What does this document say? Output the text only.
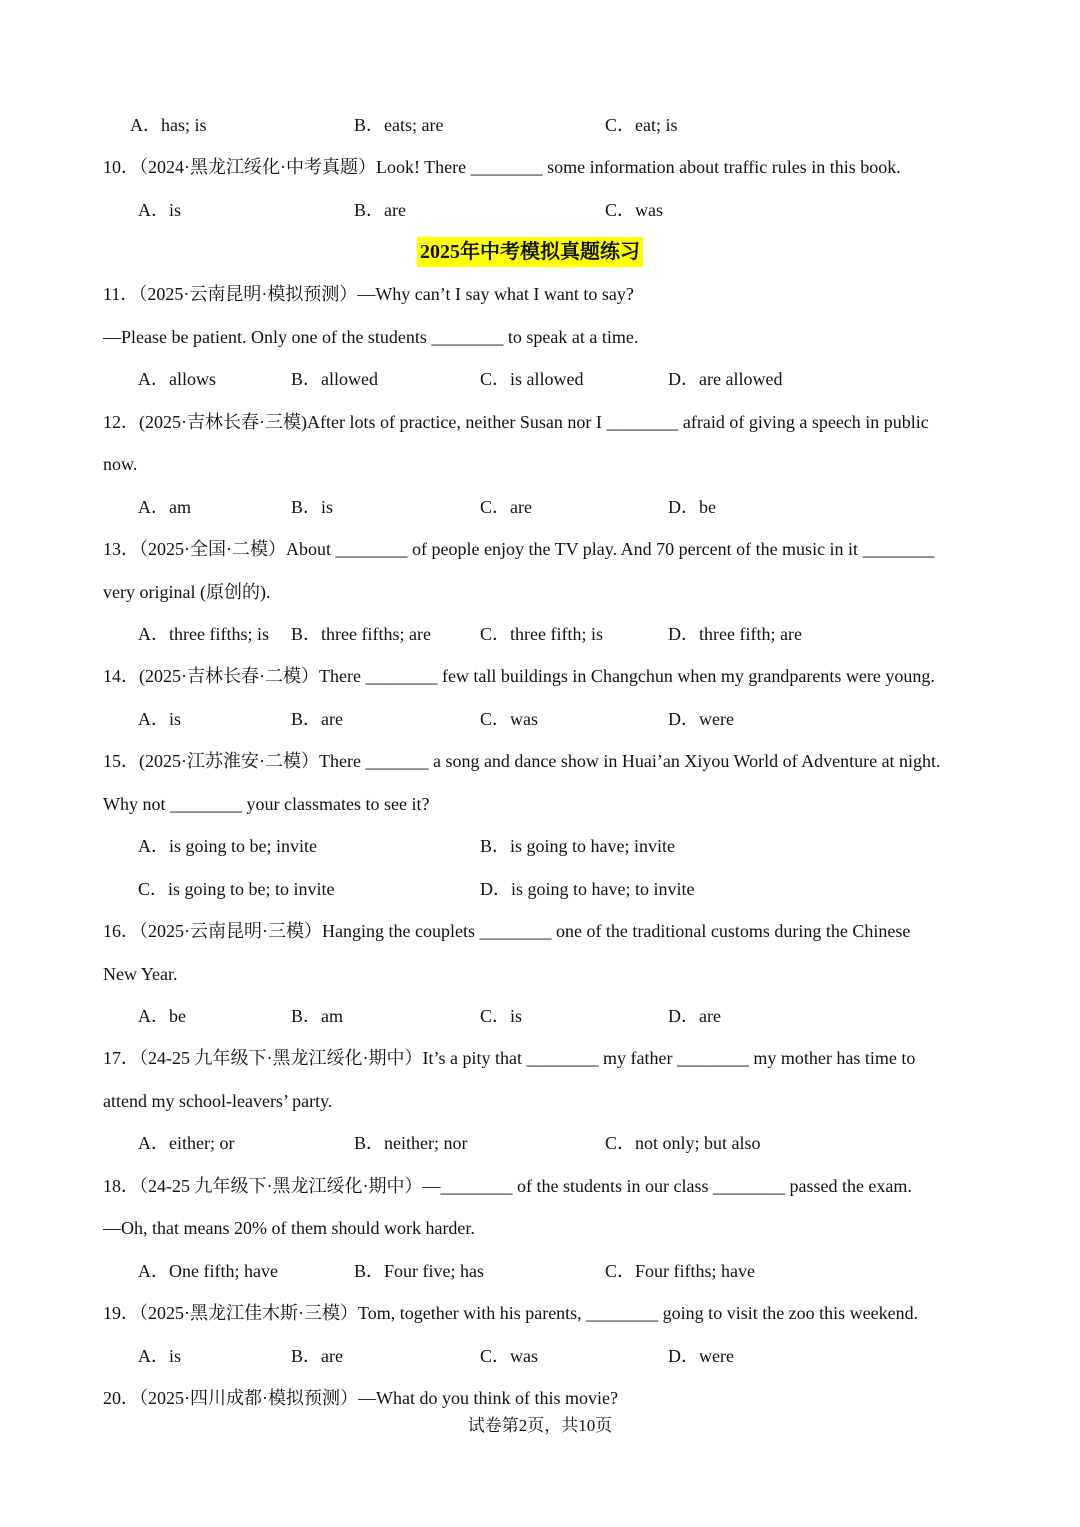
A．has; is	B．eats; are	C．eat; is
10．（2024·黑龙江绥化·中考真题）Look! There ________ some information about traffic rules in this book.
A．is	B．are	C．was
2025年中考模拟真题练习
11．（2025·云南昆明·模拟预测）—Why can’t I say what I want to say?
—Please be patient. Only one of the students ________ to speak at a time.
A．allows	B．allowed	C．is allowed	D．are allowed
12．(2025·吉林长春·三模)After lots of practice, neither Susan nor I ________ afraid of giving a speech in public
now.
A．am	B．is	C．are	D．be
13．（2025·全国·二模）About ________ of people enjoy the TV play. And 70 percent of the music in it ________
very original (原创的).
A．three fifths; is B．three fifths; are	C．three fifth; is	D．three fifth; are
14．(2025·吉林长春·二模）There ________ few tall buildings in Changchun when my grandparents were young.
A．is	B．are	C．was	D．were
15．(2025·江苏淮安·二模）There _______ a song and dance show in Huai’an Xiyou World of Adventure at night.
Why not ________ your classmates to see it?
A．is going to be; invite	B．is going to have; invite
C．is going to be; to invite	D．is going to have; to invite
16．（2025·云南昆明·三模）Hanging the couplets ________ one of the traditional customs during the Chinese
New Year.
A．be	B．am	C．is	D．are
17．（24-25 九年级下·黑龙江绥化·期中）It’s a pity that ________ my father ________ my mother has time to
attend my school-leavers’ party.
A．either; or	B．neither; nor	C．not only; but also
18．（24-25 九年级下·黑龙江绥化·期中）—________ of the students in our class ________ passed the exam.
—Oh, that means 20% of them should work harder.
A．One fifth; have	B．Four five; has	C．Four fifths; have
19．（2025·黑龙江佳木斯·三模）Tom, together with his parents, ________ going to visit the zoo this weekend.
A．is	B．are	C．was	D．were
20．（2025·四川成都·模拟预测）—What do you think of this movie?
试卷第2页，共10页
